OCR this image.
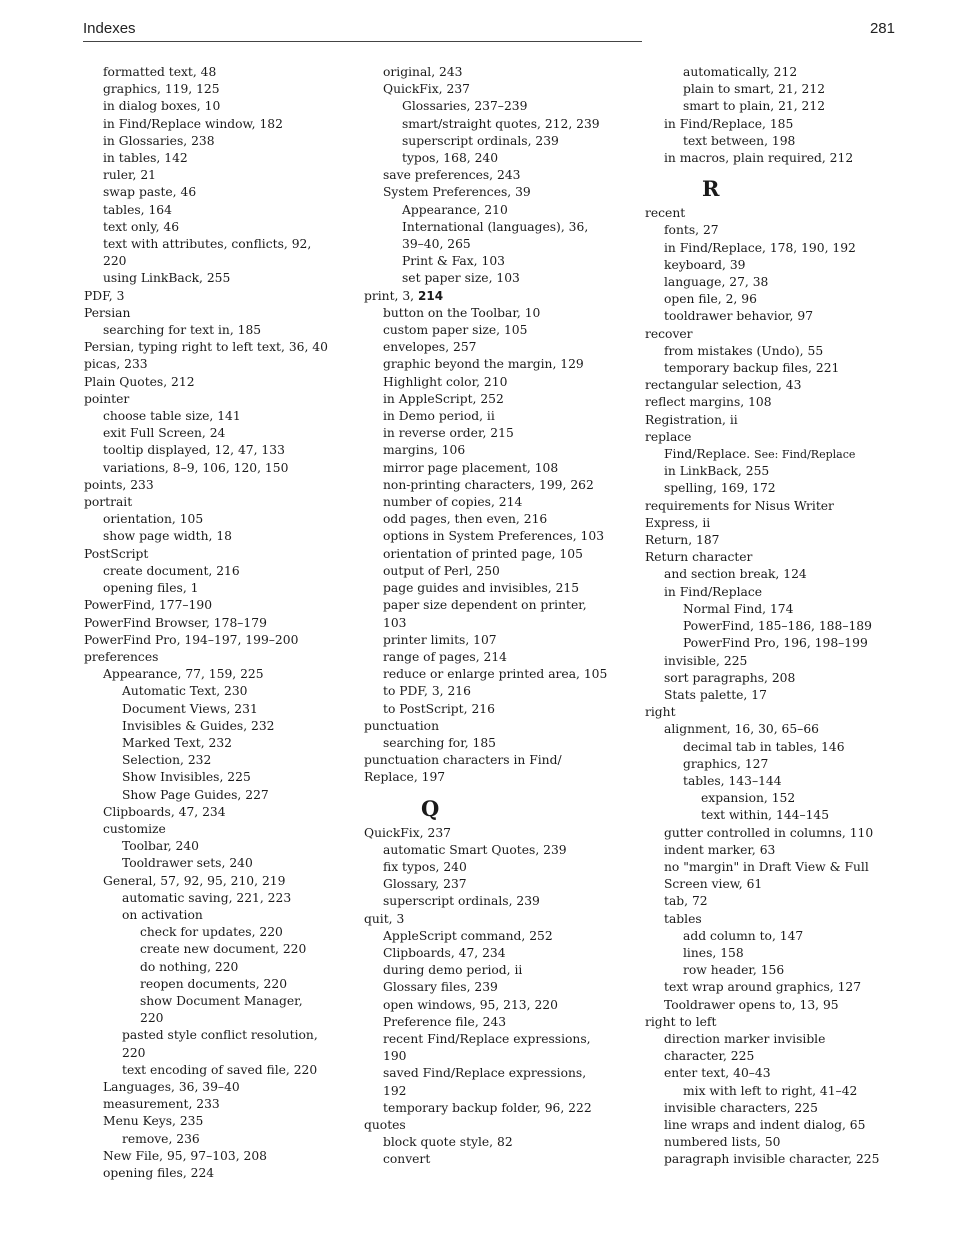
Indexes	281
formatted text, 48
graphics, 119, 125
in dialog boxes, 10
in Find/Replace window, 182
in Glossaries, 238
in tables, 142
ruler, 21
swap paste, 46
tables, 164
text only, 46
text with attributes, conflicts, 92,
220
using LinkBack, 255
PDF, 3
Persian
searching for text in, 185
Persian, typing right to left text, 36, 40
picas, 233
Plain Quotes, 212
pointer
choose table size, 141
exit Full Screen, 24
tooltip displayed, 12, 47, 133
variations, 8–9, 106, 120, 150
points, 233
portrait
orientation, 105
show page width, 18
PostScript
create document, 216
opening files, 1
PowerFind, 177–190
PowerFind Browser, 178–179
PowerFind Pro, 194–197, 199–200
preferences
Appearance, 77, 159, 225
Automatic Text, 230
Document Views, 231
Invisibles & Guides, 232
Marked Text, 232
Selection, 232
Show Invisibles, 225
Show Page Guides, 227
Clipboards, 47, 234
customize
Toolbar, 240
Tooldrawer sets, 240
General, 57, 92, 95, 210, 219
automatic saving, 221, 223
on activation
check for updates, 220
create new document, 220
do nothing, 220
reopen documents, 220
show Document Manager,
220
pasted style conflict resolution,
220
text encoding of saved file, 220
Languages, 36, 39–40
measurement, 233
Menu Keys, 235
remove, 236
New File, 95, 97–103, 208
opening files, 224
original, 243
QuickFix, 237
Glossaries, 237–239
smart/straight quotes, 212, 239
superscript ordinals, 239
typos, 168, 240
save preferences, 243
System Preferences, 39
Appearance, 210
International (languages), 36,
39–40, 265
Print & Fax, 103
set paper size, 103
print, 3, 214
button on the Toolbar, 10
custom paper size, 105
envelopes, 257
graphic beyond the margin, 129
Highlight color, 210
in AppleScript, 252
in Demo period, ii
in reverse order, 215
margins, 106
mirror page placement, 108
non-printing characters, 199, 262
number of copies, 214
odd pages, then even, 216
options in System Preferences, 103
orientation of printed page, 105
output of Perl, 250
page guides and invisibles, 215
paper size dependent on printer,
103
printer limits, 107
range of pages, 214
reduce or enlarge printed area, 105
to PDF, 3, 216
to PostScript, 216
punctuation
searching for, 185
punctuation characters in Find/
Replace, 197
Q
QuickFix, 237
automatic Smart Quotes, 239
fix typos, 240
Glossary, 237
superscript ordinals, 239
quit, 3
AppleScript command, 252
Clipboards, 47, 234
during demo period, ii
Glossary files, 239
open windows, 95, 213, 220
Preference file, 243
recent Find/Replace expressions,
190
saved Find/Replace expressions,
192
temporary backup folder, 96, 222
quotes
block quote style, 82
convert
automatically, 212
plain to smart, 21, 212
smart to plain, 21, 212
in Find/Replace, 185
text between, 198
in macros, plain required, 212
R
recent
fonts, 27
in Find/Replace, 178, 190, 192
keyboard, 39
language, 27, 38
open file, 2, 96
tooldrawer behavior, 97
recover
from mistakes (Undo), 55
temporary backup files, 221
rectangular selection, 43
reflect margins, 108
Registration, ii
replace
Find/Replace. See: Find/Replace
in LinkBack, 255
spelling, 169, 172
requirements for Nisus Writer
Express, ii
Return, 187
Return character
and section break, 124
in Find/Replace
Normal Find, 174
PowerFind, 185–186, 188–189
PowerFind Pro, 196, 198–199
invisible, 225
sort paragraphs, 208
Stats palette, 17
right
alignment, 16, 30, 65–66
decimal tab in tables, 146
graphics, 127
tables, 143–144
expansion, 152
text within, 144–145
gutter controlled in columns, 110
indent marker, 63
no "margin" in Draft View & Full
Screen view, 61
tab, 72
tables
add column to, 147
lines, 158
row header, 156
text wrap around graphics, 127
Tooldrawer opens to, 13, 95
right to left
direction marker invisible
character, 225
enter text, 40–43
mix with left to right, 41–42
invisible characters, 225
line wraps and indent dialog, 65
numbered lists, 50
paragraph invisible character, 225
